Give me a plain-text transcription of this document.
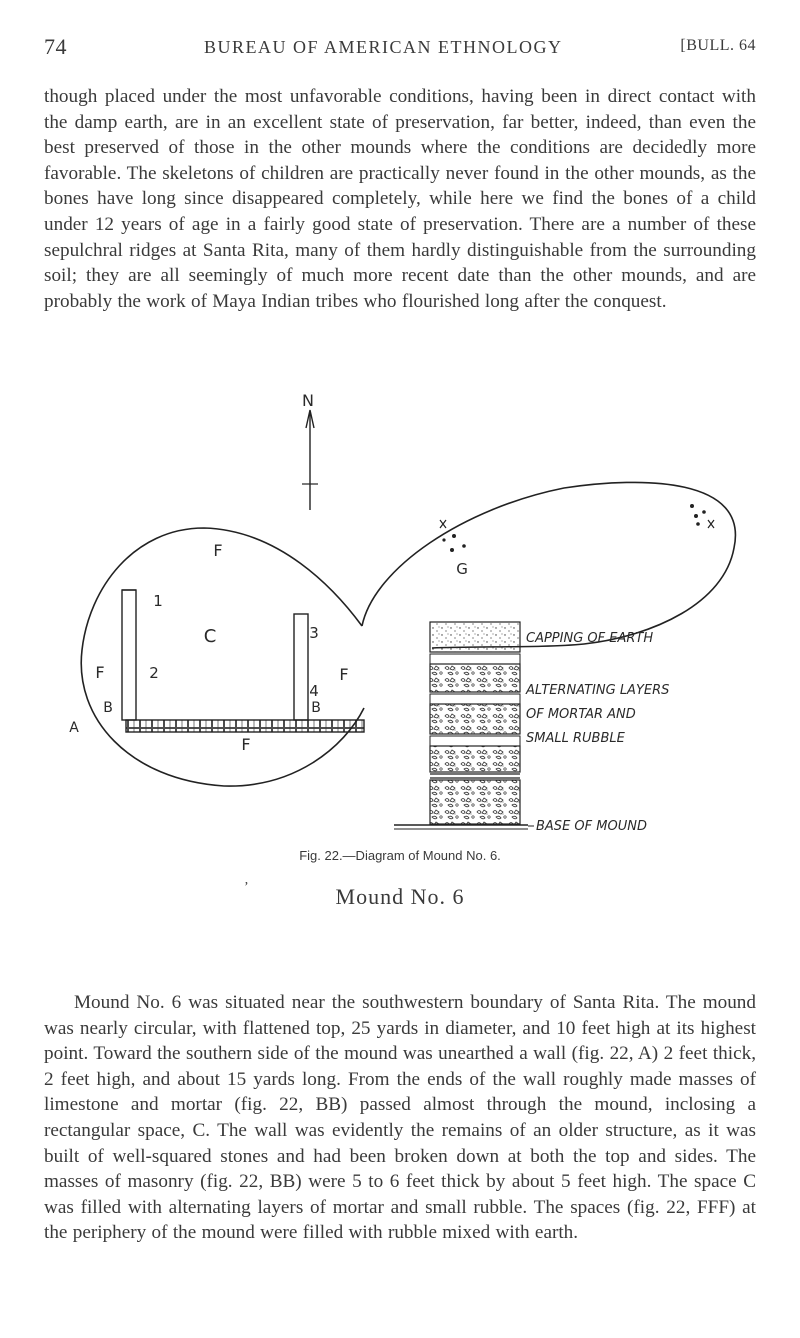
74	BUREAU OF AMERICAN ETHNOLOGY	[BULL. 64

though placed under the most unfavorable conditions, having been in direct contact with the damp earth, are in an excellent state of preservation, far better, indeed, than even the best preserved of those in the other mounds where the conditions are decidedly more favorable. The skeletons of children are practically never found in the other mounds, as the bones have long since disappeared completely, while here we find the bones of a child under 12 years of age in a fairly good state of preservation. There are a number of these sepulchral ridges at Santa Rita, many of them hardly distinguishable from the surrounding soil; they are all seemingly of much more recent date than the other mounds, and are probably the work of Maya Indian tribes who flourished long after the conquest.

N
F
F	F
F
C
1
2
3
4
B	B
A
G
CAPPING OF EARTH
ALTERNATING LAYERS
OF MORTAR AND
SMALL RUBBLE
BASE OF MOUND
Fig. 22.—Diagram of Mound No. 6.
ʼ	Mound No. 6

Mound No. 6 was situated near the southwestern boundary of Santa Rita. The mound was nearly circular, with flattened top, 25 yards in diameter, and 10 feet high at its highest point. Toward the southern side of the mound was unearthed a wall (fig. 22, A) 2 feet thick, 2 feet high, and about 15 yards long. From the ends of the wall roughly made masses of limestone and mortar (fig. 22, BB) passed almost through the mound, inclosing a rectangular space, C. The wall was evidently the remains of an older structure, as it was built of well-squared stones and had been broken down at both the top and sides. The masses of masonry (fig. 22, BB) were 5 to 6 feet thick by about 5 feet high. The space C was filled with alternating layers of mortar and small rubble. The spaces (fig. 22, FFF) at the periphery of the mound were filled with rubble mixed with earth.
